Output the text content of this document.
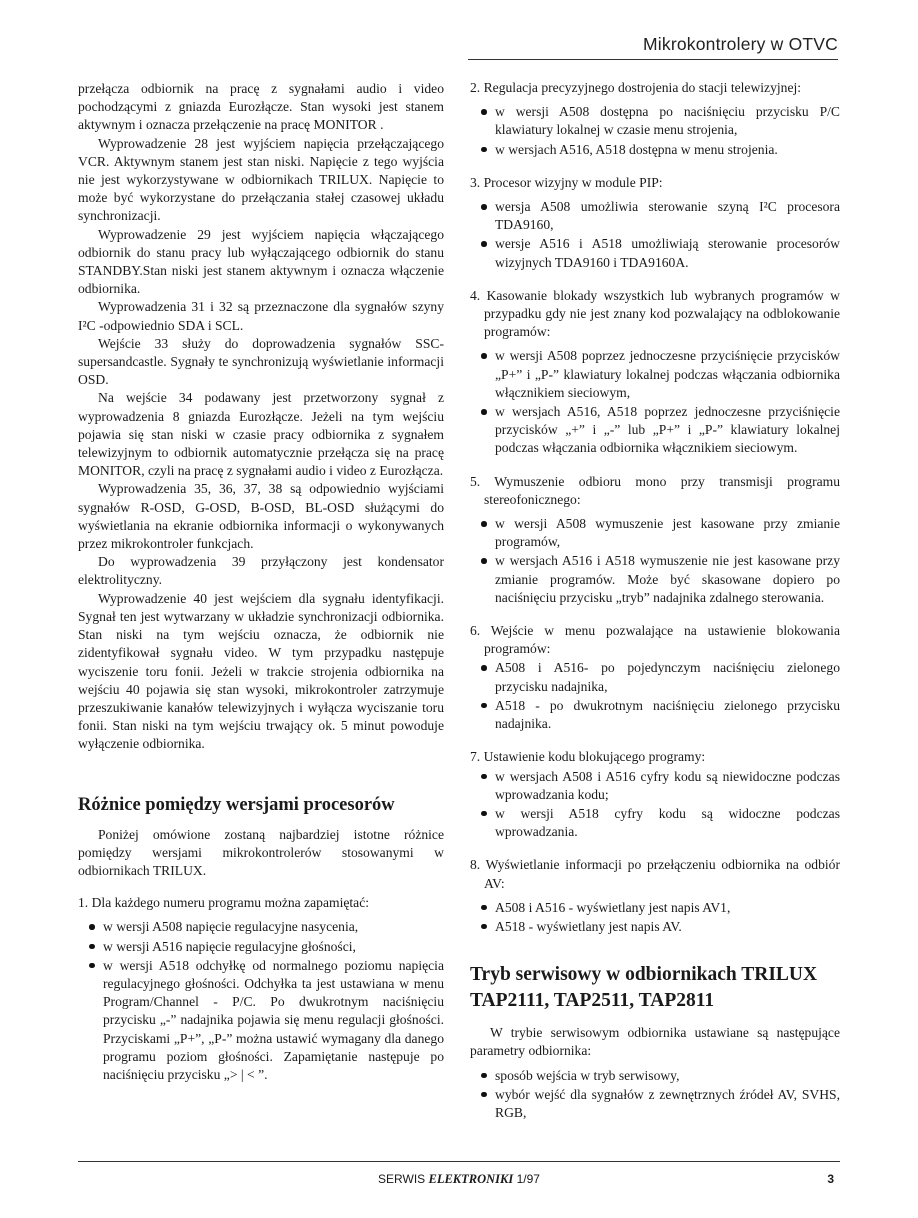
Mikrokontrolery w OTVC

przełącza odbiornik na pracę z sygnałami audio i video pochodzącymi z gniazda Eurozłącze. Stan wysoki jest stanem aktywnym i oznacza przełączenie na pracę MONITOR .

Wyprowadzenie 28 jest wyjściem napięcia przełączającego VCR. Aktywnym stanem jest stan niski. Napięcie z tego wyjścia nie jest wykorzystywane w odbiornikach TRILUX. Napięcie to może być wykorzystane do przełączania stałej czasowej układu synchronizacji.

Wyprowadzenie 29 jest wyjściem napięcia włączającego odbiornik do stanu pracy lub wyłączającego odbiornik do stanu STANDBY.Stan niski jest stanem aktywnym i oznacza włączenie odbiornika.

Wyprowadzenia 31 i 32 są przeznaczone dla sygnałów szyny I²C -odpowiednio SDA i SCL.

Wejście 33 służy do doprowadzenia sygnałów SSC- supersandcastle. Sygnały te synchronizują wyświetlanie informacji OSD.

Na wejście 34 podawany jest przetworzony sygnał z wyprowadzenia 8 gniazda Eurozłącze. Jeżeli na tym wejściu pojawia się stan niski w czasie pracy odbiornika z sygnałem telewizyjnym to odbiornik automatycznie przełącza się na pracę MONITOR, czyli na pracę z sygnałami audio i video z Eurozłącza.

Wyprowadzenia 35, 36, 37, 38 są odpowiednio wyjściami sygnałów R-OSD, G-OSD, B-OSD, BL-OSD służącymi do wyświetlania na ekranie odbiornika informacji o wykonywanych przez mikrokontroler funkcjach.

Do wyprowadzenia 39 przyłączony jest kondensator elektrolityczny.

Wyprowadzenie 40 jest wejściem dla sygnału identyfikacji. Sygnał ten jest wytwarzany w układzie synchronizacji odbiornika. Stan niski na tym wejściu oznacza, że odbiornik nie zidentyfikował sygnału video. W tym przypadku następuje wyciszenie toru fonii. Jeżeli w trakcie strojenia odbiornika na wejściu 40 pojawia się stan wysoki, mikrokontroler zatrzymuje przeszukiwanie kanałów telewizyjnych i wyłącza wyciszanie toru fonii. Stan niski na tym wejściu trwający ok. 5 minut powoduje wyłączenie odbiornika.

Różnice pomiędzy wersjami procesorów

Poniżej omówione zostaną najbardziej istotne różnice pomiędzy wersjami mikrokontrolerów stosowanymi w odbiornikach TRILUX.

1. Dla każdego numeru programu można zapamiętać:
w wersji A508 napięcie regulacyjne nasycenia,
w wersji A516 napięcie regulacyjne głośności,
w wersji A518 odchyłkę od normalnego poziomu napięcia regulacyjnego głośności. Odchyłka ta jest ustawiana w menu Program/Channel - P/C. Po dwukrotnym naciśnięciu przycisku „-” nadajnika pojawia się menu regulacji głośności. Przyciskami „P+”, „P-” można ustawić wymagany dla danego programu poziom głośności. Zapamiętanie następuje po naciśnięciu przycisku „> | < ”.
2. Regulacja precyzyjnego dostrojenia do stacji telewizyjnej:
w wersji A508 dostępna po naciśnięciu przycisku P/C klawiatury lokalnej w czasie menu strojenia,
w wersjach A516, A518 dostępna w menu strojenia.
3. Procesor wizyjny w module PIP:
wersja A508 umożliwia sterowanie szyną I²C procesora TDA9160,
wersje A516 i A518 umożliwiają sterowanie procesorów wizyjnych TDA9160 i TDA9160A.
4. Kasowanie blokady wszystkich lub wybranych programów w przypadku gdy nie jest znany kod pozwalający na odblokowanie programów:
w wersji A508 poprzez jednoczesne przyciśnięcie przycisków „P+” i „P-” klawiatury lokalnej podczas włączania odbiornika włącznikiem sieciowym,
w wersjach A516, A518 poprzez jednoczesne przyciśnięcie przycisków „+” i „-” lub „P+” i „P-” klawiatury lokalnej podczas włączania odbiornika włącznikiem sieciowym.
5. Wymuszenie odbioru mono przy transmisji programu stereofonicznego:
w wersji A508 wymuszenie jest kasowane przy zmianie programów,
w wersjach A516 i A518 wymuszenie nie jest kasowane przy zmianie programów. Może być skasowane dopiero po naciśnięciu przycisku „tryb” nadajnika zdalnego sterowania.
6. Wejście w menu pozwalające na ustawienie blokowania programów:
A508 i A516- po pojedynczym naciśnięciu zielonego przycisku nadajnika,
A518 - po dwukrotnym naciśnięciu zielonego przycisku nadajnika.
7. Ustawienie kodu blokującego programy:
w wersjach A508 i A516 cyfry kodu są niewidoczne podczas wprowadzania kodu;
w wersji A518 cyfry kodu są widoczne podczas wprowadzania.
8. Wyświetlanie informacji po przełączeniu odbiornika na odbiór AV:
A508 i A516 - wyświetlany jest napis AV1,
A518 - wyświetlany jest napis AV.
Tryb serwisowy w odbiornikach TRILUX TAP2111, TAP2511, TAP2811

W trybie serwisowym odbiornika ustawiane są następujące parametry odbiornika:

sposób wejścia w tryb serwisowy,
wybór wejść dla sygnałów z zewnętrznych źródeł AV, SVHS, RGB,
SERWIS ELEKTRONIKI 1/97	3
